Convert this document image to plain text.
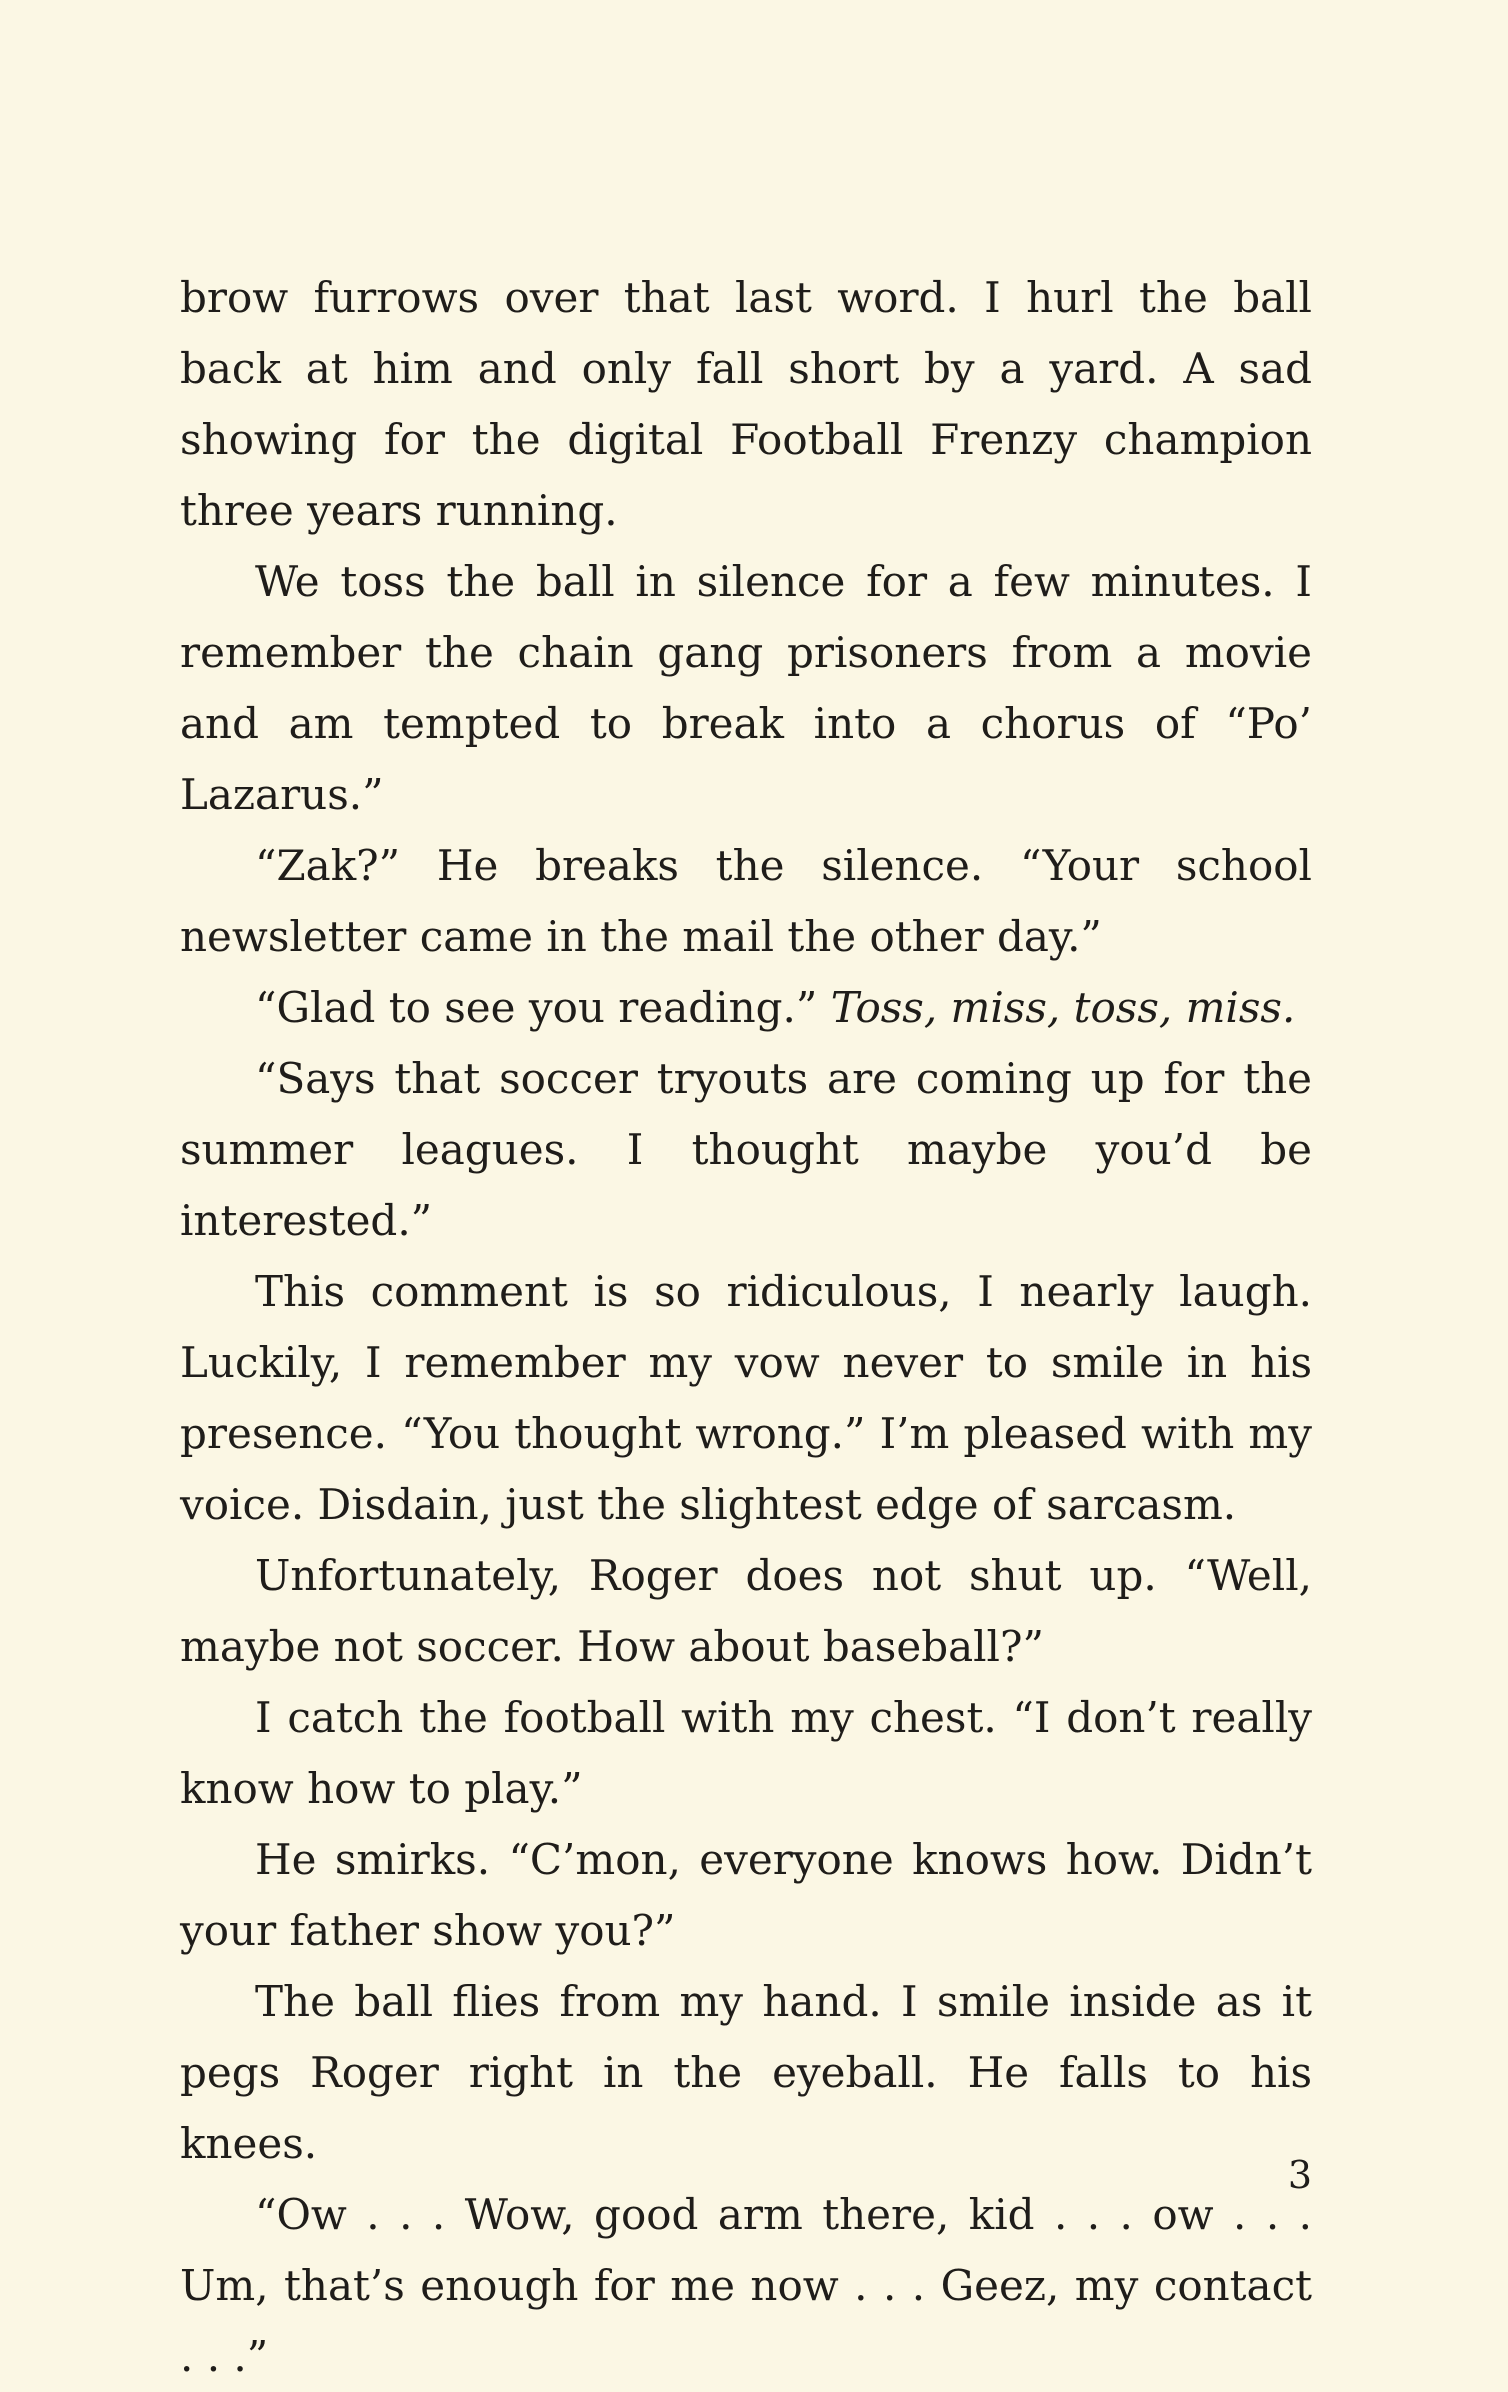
brow furrows over that last word. I hurl the ball back at him and only fall short by a yard. A sad showing for the digital Football Frenzy champion three years running.

We toss the ball in silence for a few minutes. I remember the chain gang prisoners from a movie and am tempted to break into a chorus of “Po’ Lazarus.”

“Zak?” He breaks the silence. “Your school newsletter came in the mail the other day.”

“Glad to see you reading.” Toss, miss, toss, miss.

“Says that soccer tryouts are coming up for the summer leagues. I thought maybe you’d be interested.”

This comment is so ridiculous, I nearly laugh. Luckily, I remember my vow never to smile in his presence. “You thought wrong.” I’m pleased with my voice. Disdain, just the slightest edge of sarcasm.

Unfortunately, Roger does not shut up. “Well, maybe not soccer. How about baseball?”

I catch the football with my chest. “I don’t really know how to play.”

He smirks. “C’mon, everyone knows how. Didn’t your father show you?”

The ball flies from my hand. I smile inside as it pegs Roger right in the eyeball. He falls to his knees.

“Ow . . . Wow, good arm there, kid . . . ow . . . Um, that’s enough for me now . . . Geez, my contact . . .”

3
